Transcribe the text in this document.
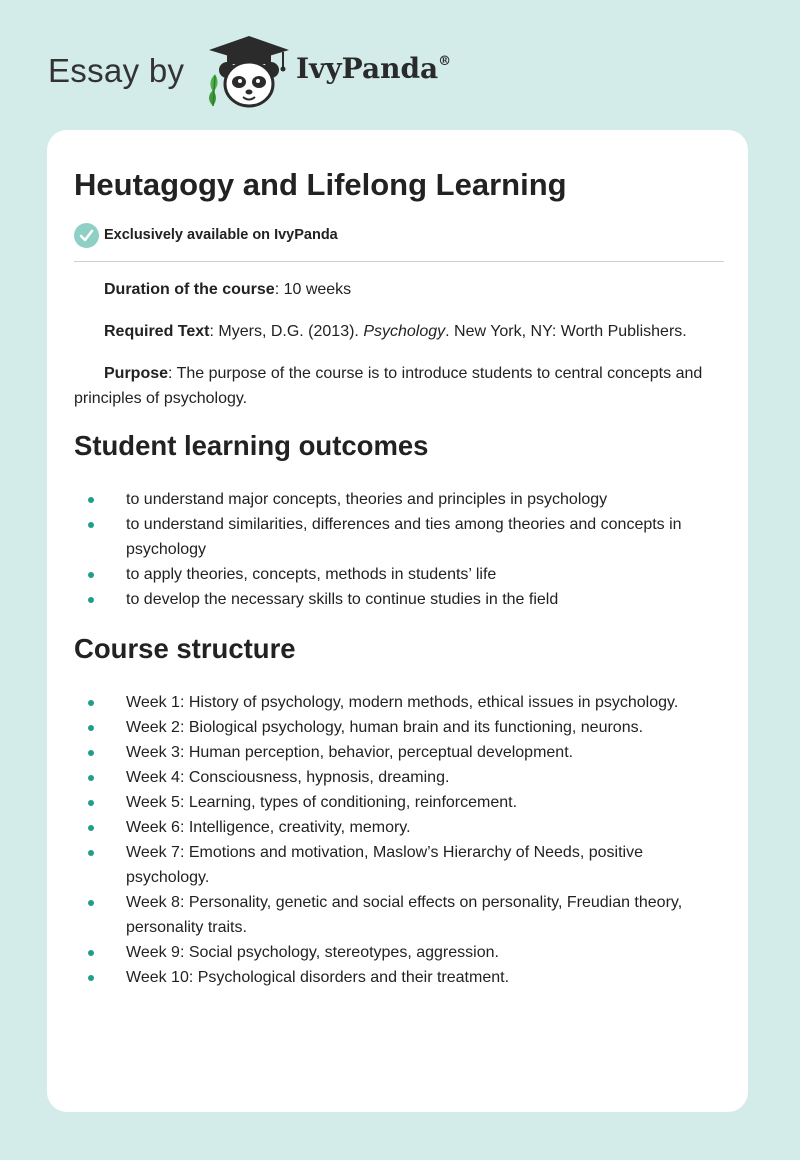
Essay by	IvyPanda®
Heutagogy and Lifelong Learning
Exclusively available on IvyPanda

Duration of the course: 10 weeks

Required Text: Myers, D.G. (2013). Psychology. New York, NY: Worth Publishers.

Purpose: The purpose of the course is to introduce students to central concepts and principles of psychology.

Student learning outcomes
to understand major concepts, theories and principles in psychology
to understand similarities, differences and ties among theories and concepts in psychology
to apply theories, concepts, methods in students’ life
to develop the necessary skills to continue studies in the field
Course structure
Week 1: History of psychology, modern methods, ethical issues in psychology.
Week 2: Biological psychology, human brain and its functioning, neurons.
Week 3: Human perception, behavior, perceptual development.
Week 4: Consciousness, hypnosis, dreaming.
Week 5: Learning, types of conditioning, reinforcement.
Week 6: Intelligence, creativity, memory.
Week 7: Emotions and motivation, Maslow’s Hierarchy of Needs, positive psychology.
Week 8: Personality, genetic and social effects on personality, Freudian theory, personality traits.
Week 9: Social psychology, stereotypes, aggression.
Week 10: Psychological disorders and their treatment.
